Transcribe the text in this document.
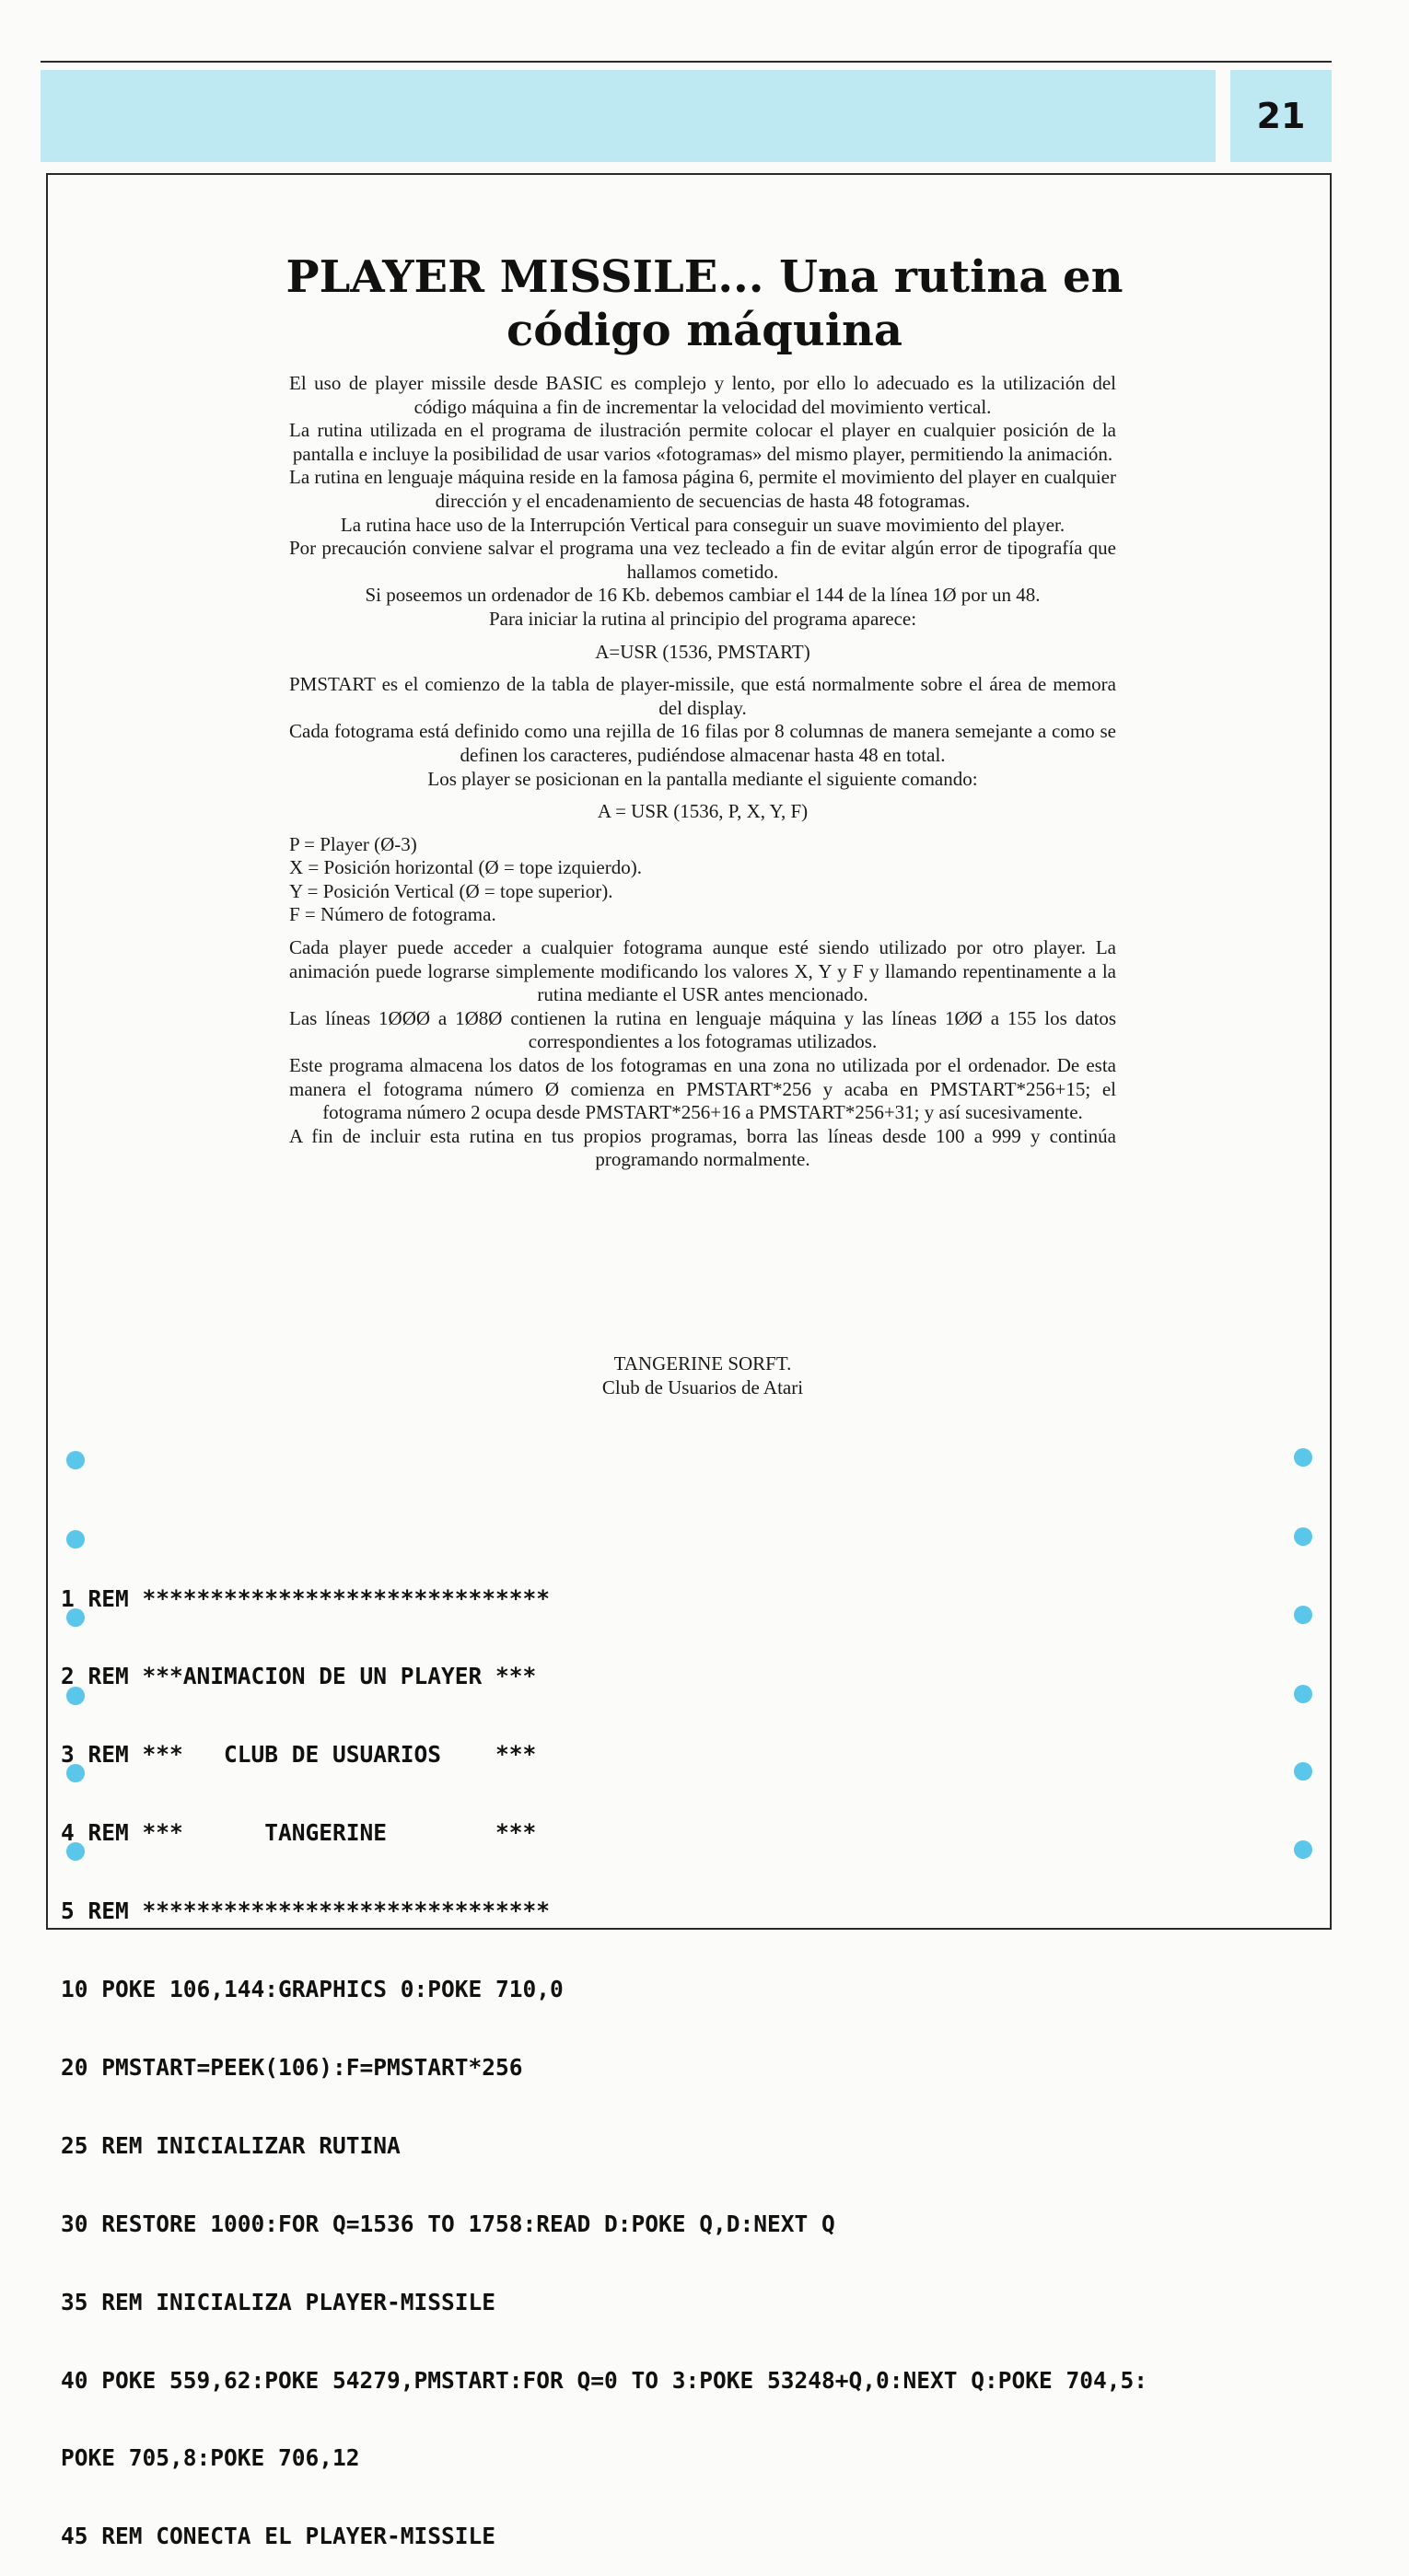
21
PLAYER MISSILE... Una rutina en
código máquina

El uso de player missile desde BASIC es complejo y lento, por ello lo adecuado es la utilización del código máquina a fin de incrementar la velocidad del movimiento vertical.

La rutina utilizada en el programa de ilustración permite colocar el player en cualquier posición de la pantalla e incluye la posibilidad de usar varios «fotogramas» del mismo player, permitiendo la animación.

La rutina en lenguaje máquina reside en la famosa página 6, permite el movimiento del player en cualquier dirección y el encadenamiento de secuencias de hasta 48 fotogramas.

La rutina hace uso de la Interrupción Vertical para conseguir un suave movimiento del player.

Por precaución conviene salvar el programa una vez tecleado a fin de evitar algún error de tipografía que hallamos cometido.

Si poseemos un ordenador de 16 Kb. debemos cambiar el 144 de la línea 1Ø por un 48.

Para iniciar la rutina al principio del programa aparece:

A=USR (1536, PMSTART)

PMSTART es el comienzo de la tabla de player-missile, que está normalmente sobre el área de memora del display.

Cada fotograma está definido como una rejilla de 16 filas por 8 columnas de manera semejante a como se definen los caracteres, pudiéndose almacenar hasta 48 en total.

Los player se posicionan en la pantalla mediante el siguiente comando:

A = USR (1536, P, X, Y, F)

P = Player (Ø-3)

X = Posición horizontal (Ø = tope izquierdo).

Y = Posición Vertical (Ø = tope superior).

F = Número de fotograma.

Cada player puede acceder a cualquier fotograma aunque esté siendo utilizado por otro player. La animación puede lograrse simplemente modificando los valores X, Y y F y llamando repentinamente a la rutina mediante el USR antes mencionado.

Las líneas 1ØØØ a 1Ø8Ø contienen la rutina en lenguaje máquina y las líneas 1ØØ a 155 los datos correspondientes a los fotogramas utilizados.

Este programa almacena los datos de los fotogramas en una zona no utilizada por el ordenador. De esta manera el fotograma número Ø comienza en PMSTART*256 y acaba en PMSTART*256+15; el fotograma número 2 ocupa desde PMSTART*256+16 a PMSTART*256+31; y así sucesivamente.

A fin de incluir esta rutina en tus propios programas, borra las líneas desde 100 a 999 y continúa programando normalmente.

TANGERINE SORFT.
Club de Usuarios de Atari

1 REM ******************************

2 REM ***ANIMACION DE UN PLAYER ***

3 REM ***   CLUB DE USUARIOS    ***

4 REM ***      TANGERINE        ***

5 REM ******************************

10 POKE 106,144:GRAPHICS 0:POKE 710,0

20 PMSTART=PEEK(106):F=PMSTART*256

25 REM INICIALIZAR RUTINA

30 RESTORE 1000:FOR Q=1536 TO 1758:READ D:POKE Q,D:NEXT Q

35 REM INICIALIZA PLAYER-MISSILE

40 POKE 559,62:POKE 54279,PMSTART:FOR Q=0 TO 3:POKE 53248+Q,0:NEXT Q:POKE 704,5:

POKE 705,8:POKE 706,12

45 REM CONECTA EL PLAYER-MISSILE
